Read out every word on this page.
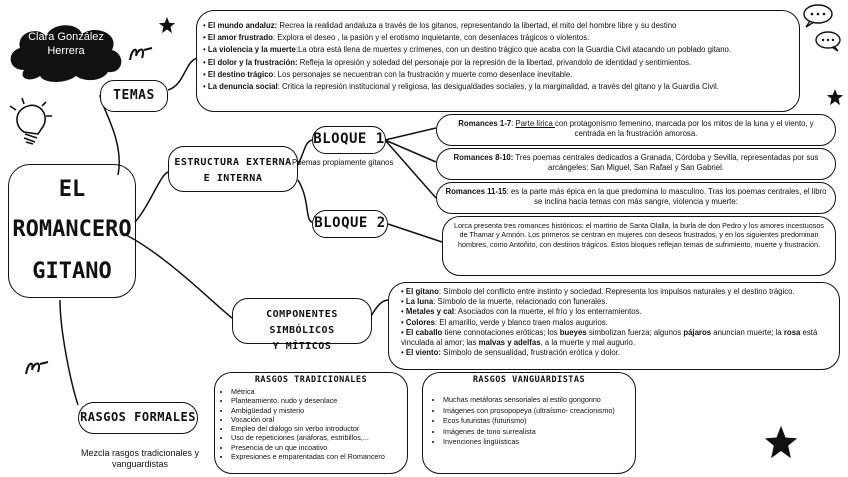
Clara González
Herrera
EL
ROMANCERO
GITANO
TEMAS
• El mundo andaluz: Recrea la realidad andaluza a través de los gitanos, representando la libertad, el mito del hombre libre y su destino
• El amor frustrado: Explora el deseo , la pasión y el erotismo inquietante, con desenlaces trágicos o violentos.
• La violencia y la muerte:La obra está llena de muertes y crímenes, con un destino trágico que acaba con la Guardia Civil atacando un poblado gitano.
• El dolor y la frustración: Refleja la opresión y soledad del personaje por la represión de la libertad, privandolo de identidad y sentimientos.
• El destino trágico: Los personajes se necuentran con la frustración y muerte como desenlace inevitable.
• La denuncia social: Critica la represión institucional y religiosa, las desigualdades sociales, y la marginalidad, a través del gitano y la Guardia Civil.
ESTRUCTURA EXTERNA
E INTERNA
Poemas propiamente gitanos
BLOQUE 1
BLOQUE 2
Romances 1-7: Parte lírica con protagonismo femenino, marcada por los mitos de la luna y el viento, y centrada en la frustración amorosa.
Romances 8-10: Tres poemas centrales dedicados a Granada, Córdoba y Sevilla, representadas por sus arcángeles: San Miguel, San Rafael y San Gabriel.
Romances 11-15: es la parte más épica en la que predomina lo masculino. Tras los poemas centrales, el libro se inclina hacia temas con más sangre, violencia y muerte:
Lorca presenta tres romances históricos: el martirio de Santa Olalla, la burla de don Pedro y los amores incestuosos de Thamar y Amnón. Los primeros se centran en mujeres con deseos frustrados, y en los siguientes predominan hombres, como Antoñito, con destinos trágicos. Estos bloques reflejan temas de sufrimiento, muerte y frustración.
COMPONENTES SIMBÓLICOS
Y MÍTICOS
• El gitano: Símbolo del conflicto entre instinto y sociedad. Representa los impulsos naturales y el destino trágico.
• La luna: Símbolo de la muerte, relacionado con funerales.
• Metales y cal: Asociados con la muerte, el frío y los enterramientos.
• Colores: El amarillo, verde y blanco traen malos augurios.
• El caballo tiene connotaciones eróticas; los bueyes simbolizan fuerza; algunos pájaros anuncian muerte; la rosa está vinculada al amor; las malvas y adelfas, a la muerte y mal augurio.
• El viento: Símbolo de sensualidad, frustración erótica y dolor.
RASGOS FORMALES
Mezcla rasgos tradicionales y vanguardistas
RASGOS TRADICIONALES
• Métrica
• Planteamiento, nudo y desenlace
• Ambigüedad y misterio
• Vocación oral
• Empleo del diálogo sin verbo introductor
• Uso de repeticiones (anáforas, estribillos,...
• Presencia de un que incoativo
• Expresiones e emparentadas con el Romancero
RASGOS VANGUARDISTAS
• Muchas metáforas sensoriales al estilo gongorino
• Imágenes con prosopopeya (ultraísmo- creacionismo)
• Ecos futuristas (futurismo)
• Imágenes de tono surrealista
• Invenciones lingüísticas
